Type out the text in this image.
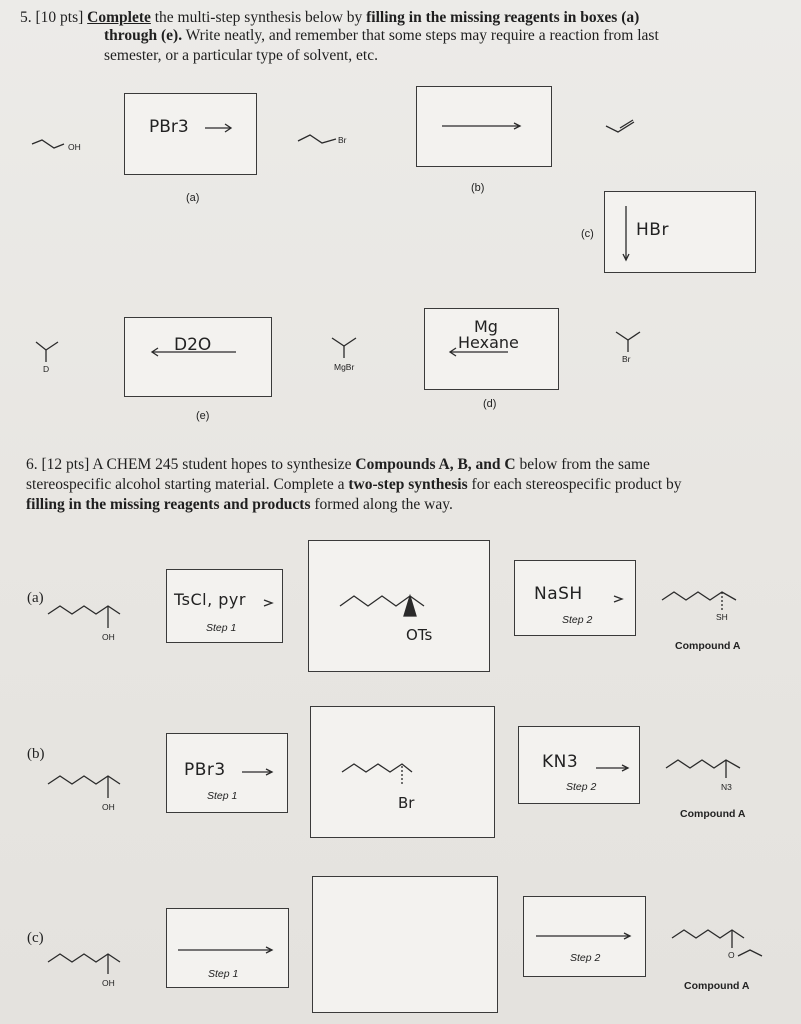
5. [10 pts] Complete the multi-step synthesis below by filling in the missing reagents in boxes (a)
through (e). Write neatly, and remember that some steps may require a reaction from last
semester, or a particular type of solvent, etc.
OH
PBr3
(a)
Br
(b)
(c) HBr
D
D2O
(e)
MgBr
Mg
Hexane
(d)
Br
6. [12 pts] A CHEM 245 student hopes to synthesize Compounds A, B, and C below from the same
stereospecific alcohol starting material. Complete a two-step synthesis for each stereospecific product by
filling in the missing reagents and products formed along the way.
(a)
OH
TsCl, pyr
Step 1	OTs
NaSH
Step 2	SH
Compound A
(b)
OH
PBr3
Step 1	Br
KN3
Step 2	N3
Compound A
(c)
OH
Step 1
Step 2	O
Compound A
